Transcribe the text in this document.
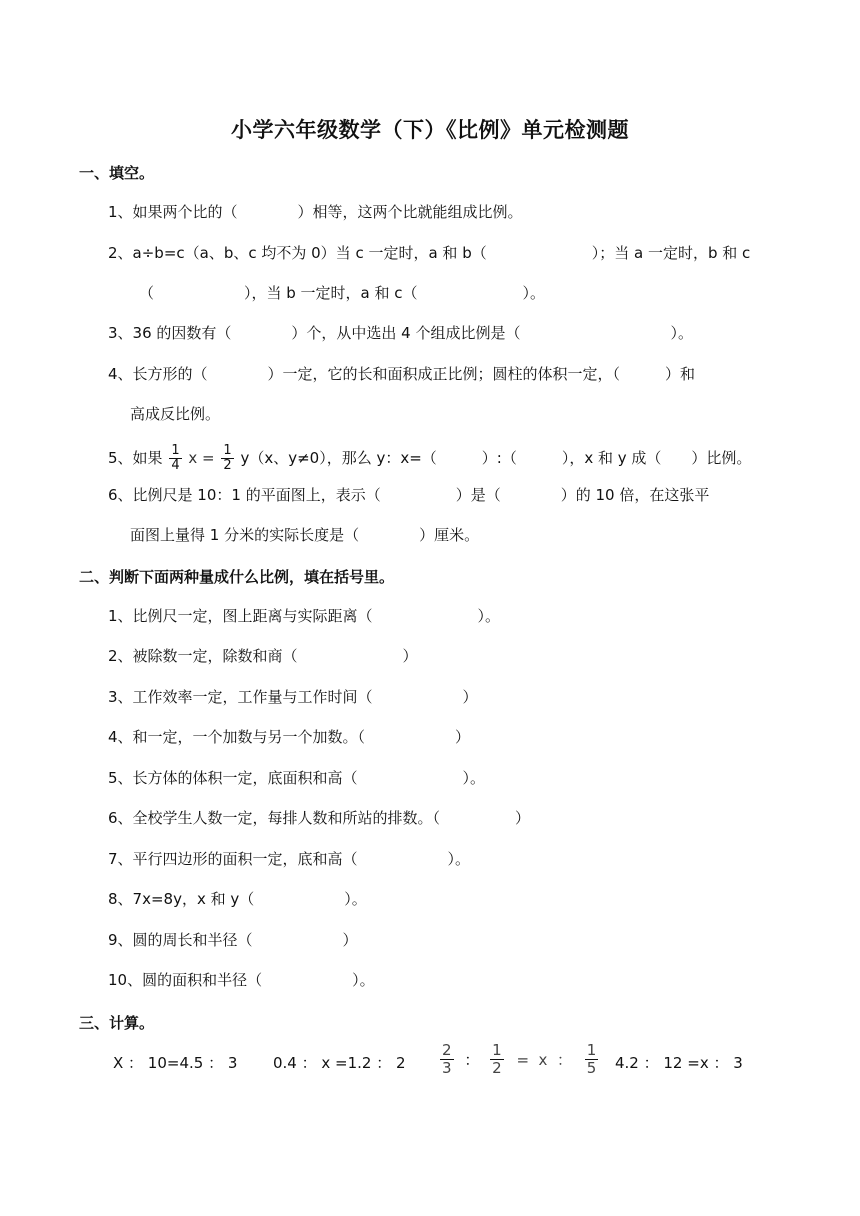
小学六年级数学（下）《比例》单元检测题
一、填空。
1、如果两个比的（　　　　）相等，这两个比就能组成比例。
2、a÷b=c（a、b、c 均不为 0）当 c 一定时，a 和 b（　　　　　　　）；当 a 一定时，b 和 c
（　　　　　　），当 b 一定时，a 和 c（　　　　　　　）。
3、36 的因数有（　　　　）个，从中选出 4 个组成比例是（　　　　　　　　　　）。
4、长方形的（　　　　）一定，它的长和面积成正比例；圆柱的体积一定，（　　　）和
高成反比例。
5、如果 $\frac{1}{4}$ $x = \frac{1}{2} y(x$、y≠0），那么 y：x=（　　　）:（　　　），x 和 y 成（　　）比例。
6、比例尺是 10：1 的平面图上，表示（　　　　　）是（　　　　）的 10 倍，在这张平
面图上量得 1 分米的实际长度是（　　　　）厘米。
二、判断下面两种量成什么比例，填在括号里。
1、比例尺一定，图上距离与实际距离（　　　　　　　）。
2、被除数一定，除数和商（　　　　　　　）
3、工作效率一定，工作量与工作时间（　　　　　　）
4、和一定，一个加数与另一个加数。（　　　　　　）
5、长方体的体积一定，底面积和高（　　　　　　　）。
6、全校学生人数一定，每排人数和所站的排数。（　　　　　）
7、平行四边形的面积一定，底和高（　　　　　　）。
8、7x=8y，x 和 y（　　　　　　）。
9、圆的周长和半径（　　　　　　）
10、圆的面积和半径（　　　　　　）。
三、计算。
X ： 10=4.5 ： 3 0.4 ： x =1.2 ： $2 \frac{2}{3}$ ： $\frac{1}{2} = x$  ： $\frac{1}{5} 4.2$ ： 12 =x ： 3
